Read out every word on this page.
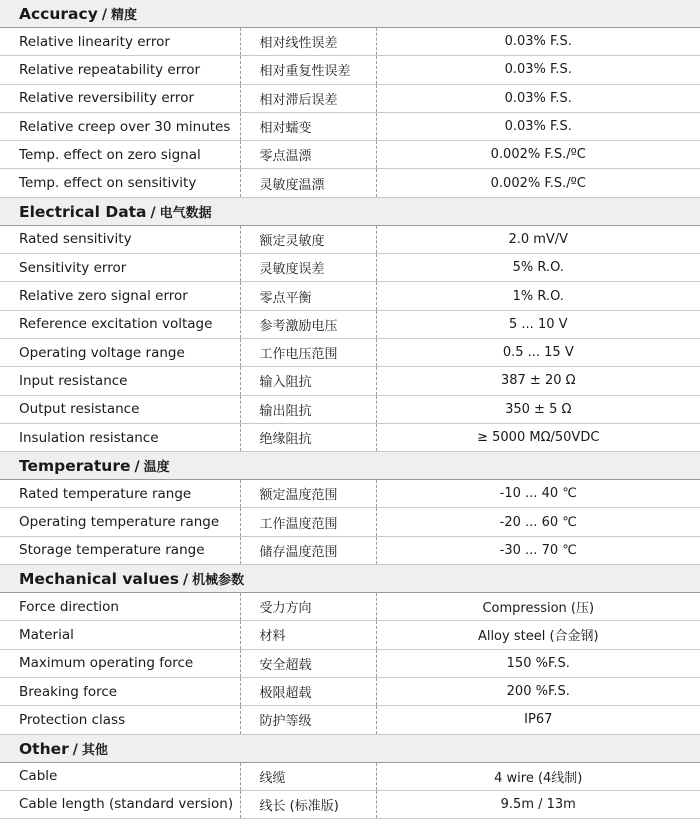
Accuracy / 精度		
Relative linearity error	相对线性误差	0.03% F.S.
Relative repeatability error	相对重复性误差	0.03% F.S.
Relative reversibility error	相对滞后误差	0.03% F.S.
Relative creep over 30 minutes	相对蠕变	0.03% F.S.
Temp. effect on zero signal	零点温漂	0.002% F.S./ºC
Temp. effect on sensitivity	灵敏度温漂	0.002% F.S./ºC
Electrical Data / 电气数据		
Rated sensitivity	额定灵敏度	2.0 mV/V
Sensitivity error	灵敏度误差	5% R.O.
Relative zero signal error	零点平衡	1% R.O.
Reference excitation voltage	参考激励电压	5 ... 10 V
Operating voltage range	工作电压范围	0.5 ... 15 V
Input resistance	输入阻抗	387 ± 20 Ω
Output resistance	输出阻抗	350 ± 5 Ω
Insulation resistance	绝缘阻抗	≥ 5000 MΩ/50VDC
Temperature / 温度		
Rated temperature range	额定温度范围	-10 ... 40 ℃
Operating temperature range	工作温度范围	-20 ... 60 ℃
Storage temperature range	储存温度范围	-30 ... 70 ℃
Mechanical values / 机械参数		
Force direction	受力方向	Compression (压)
Material	材料	Alloy steel (合金钢)
Maximum operating force	安全超载	150 %F.S.
Breaking force	极限超载	200 %F.S.
Protection class	防护等级	IP67
Other / 其他		
Cable	线缆	4 wire (4线制)
Cable length (standard version)	线长 (标准版)	9.5m / 13m
